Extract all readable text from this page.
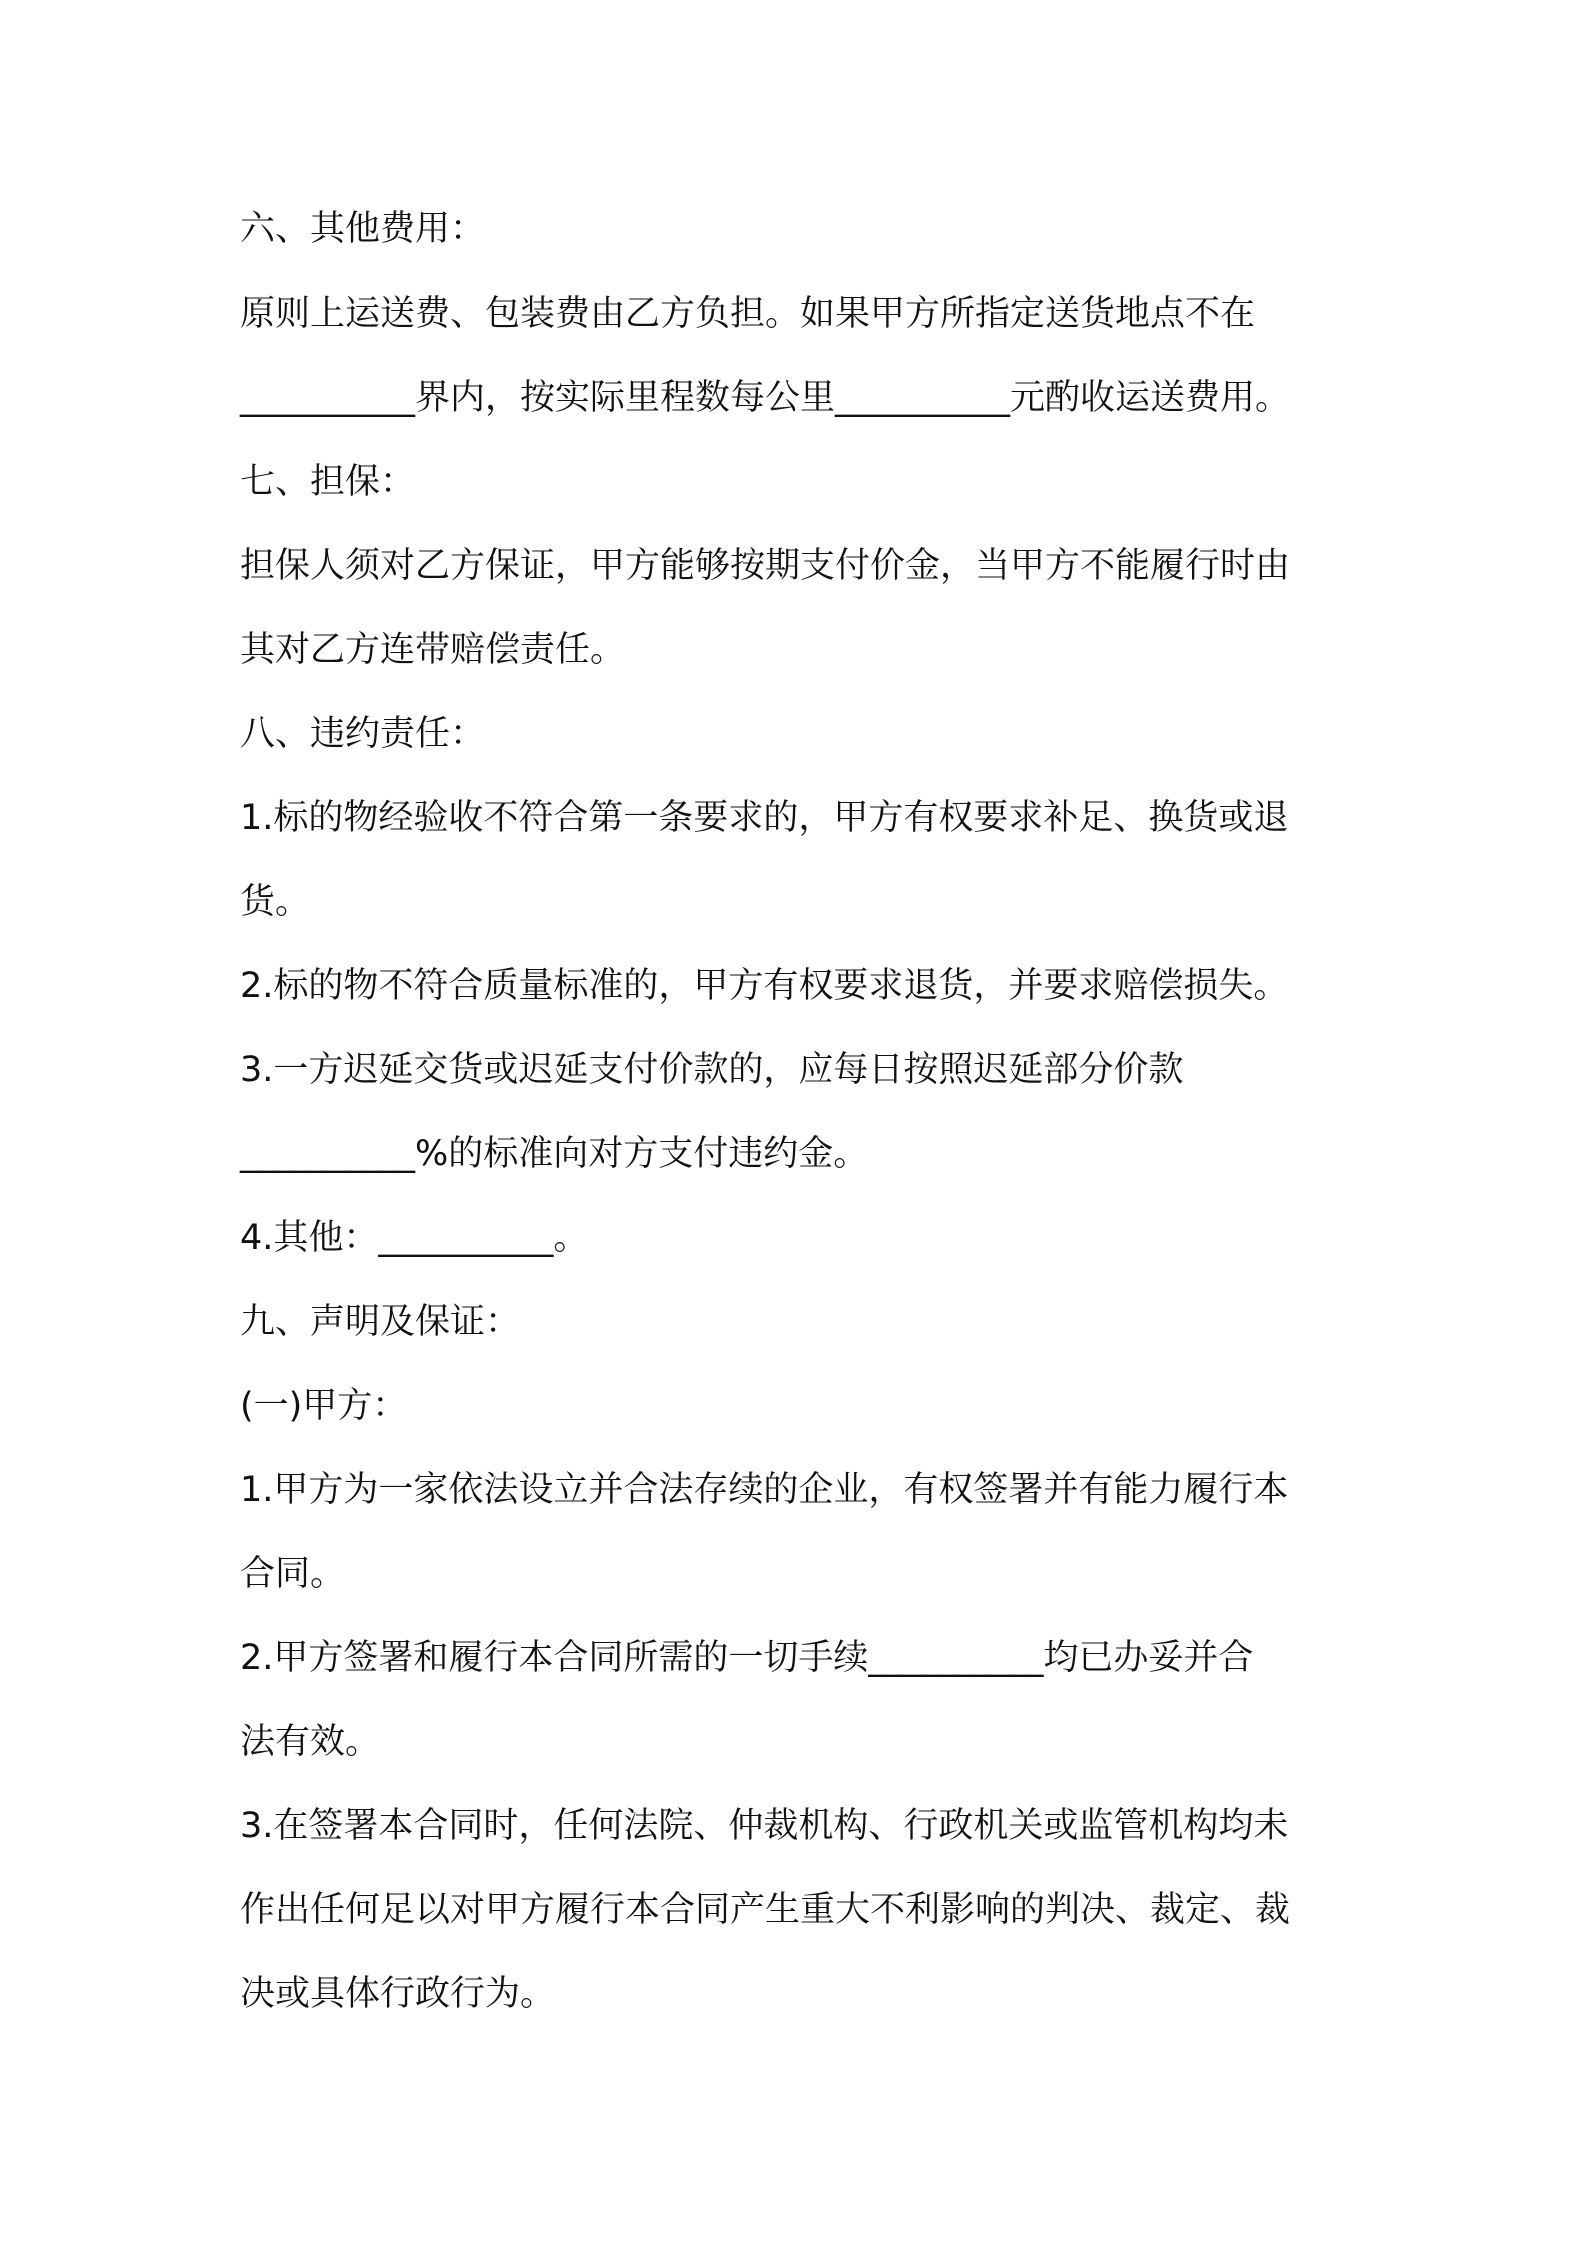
六、其他费用：
原则上运送费、包装费由乙方负担。如果甲方所指定送货地点不在
__________界内，按实际里程数每公里__________元酌收运送费用。
七、担保：
担保人须对乙方保证，甲方能够按期支付价金，当甲方不能履行时由
其对乙方连带赔偿责任。
八、违约责任：
1.标的物经验收不符合第一条要求的，甲方有权要求补足、换货或退
货。
2.标的物不符合质量标准的，甲方有权要求退货，并要求赔偿损失。
3.一方迟延交货或迟延支付价款的，应每日按照迟延部分价款
__________%的标准向对方支付违约金。
4.其他：__________。
九、声明及保证：
(一)甲方：
1.甲方为一家依法设立并合法存续的企业，有权签署并有能力履行本
合同。
2.甲方签署和履行本合同所需的一切手续__________均已办妥并合
法有效。
3.在签署本合同时，任何法院、仲裁机构、行政机关或监管机构均未
作出任何足以对甲方履行本合同产生重大不利影响的判决、裁定、裁
决或具体行政行为。
